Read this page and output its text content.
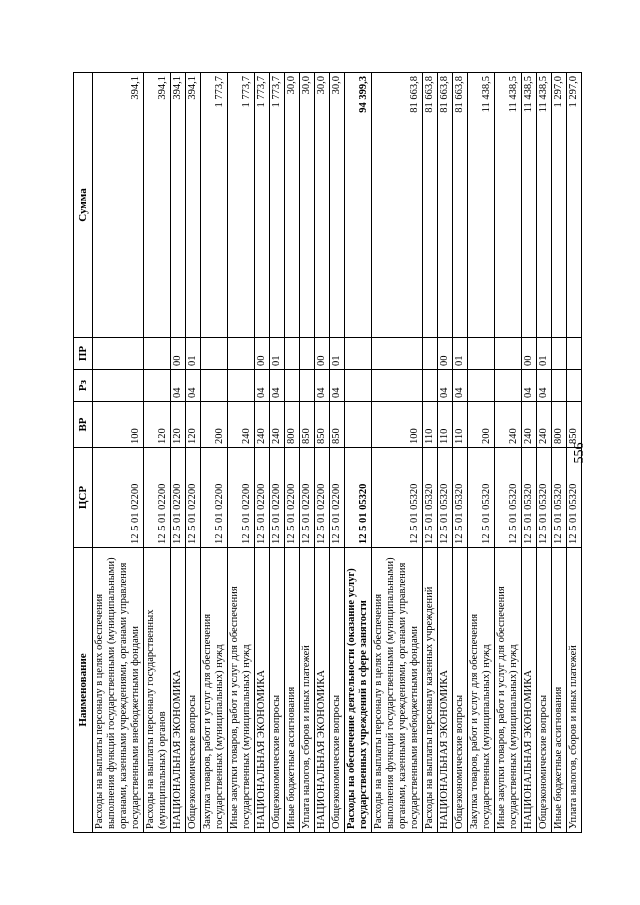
556
Наименование	ЦСР	ВР	Рз	ПР	Сумма
Расходы на выплаты персоналу в целях обеспечения выполнения функций государственными (муниципальными) органами, казенными учреждениями, органами управления государственными внебюджетными фондами	12 5 01 02200	100			394,1
Расходы на выплаты персоналу государственных (муниципальных) органов	12 5 01 02200	120			394,1
НАЦИОНАЛЬНАЯ ЭКОНОМИКА	12 5 01 02200	120	04	00	394,1
Общеэкономические вопросы	12 5 01 02200	120	04	01	394,1
Закупка товаров, работ и услуг для обеспечения государственных (муниципальных) нужд	12 5 01 02200	200			1 773,7
Иные закупки товаров, работ и услуг для обеспечения государственных (муниципальных) нужд	12 5 01 02200	240			1 773,7
НАЦИОНАЛЬНАЯ ЭКОНОМИКА	12 5 01 02200	240	04	00	1 773,7
Общеэкономические вопросы	12 5 01 02200	240	04	01	1 773,7
Иные бюджетные ассигнования	12 5 01 02200	800			30,0
Уплата налогов, сборов и иных платежей	12 5 01 02200	850			30,0
НАЦИОНАЛЬНАЯ ЭКОНОМИКА	12 5 01 02200	850	04	00	30,0
Общеэкономические вопросы	12 5 01 02200	850	04	01	30,0
Расходы на обеспечение деятельности (оказание услуг) государственных учреждений в сфере занятости	12 5 01 05320				94 399,3
Расходы на выплаты персоналу в целях обеспечения выполнения функций государственными (муниципальными) органами, казенными учреждениями, органами управления государственными внебюджетными фондами	12 5 01 05320	100			81 663,8
Расходы на выплаты персоналу казенных учреждений	12 5 01 05320	110			81 663,8
НАЦИОНАЛЬНАЯ ЭКОНОМИКА	12 5 01 05320	110	04	00	81 663,8
Общеэкономические вопросы	12 5 01 05320	110	04	01	81 663,8
Закупка товаров, работ и услуг для обеспечения государственных (муниципальных) нужд	12 5 01 05320	200			11 438,5
Иные закупки товаров, работ и услуг для обеспечения государственных (муниципальных) нужд	12 5 01 05320	240			11 438,5
НАЦИОНАЛЬНАЯ ЭКОНОМИКА	12 5 01 05320	240	04	00	11 438,5
Общеэкономические вопросы	12 5 01 05320	240	04	01	11 438,5
Иные бюджетные ассигнования	12 5 01 05320	800			1 297,0
Уплата налогов, сборов и иных платежей	12 5 01 05320	850			1 297,0
